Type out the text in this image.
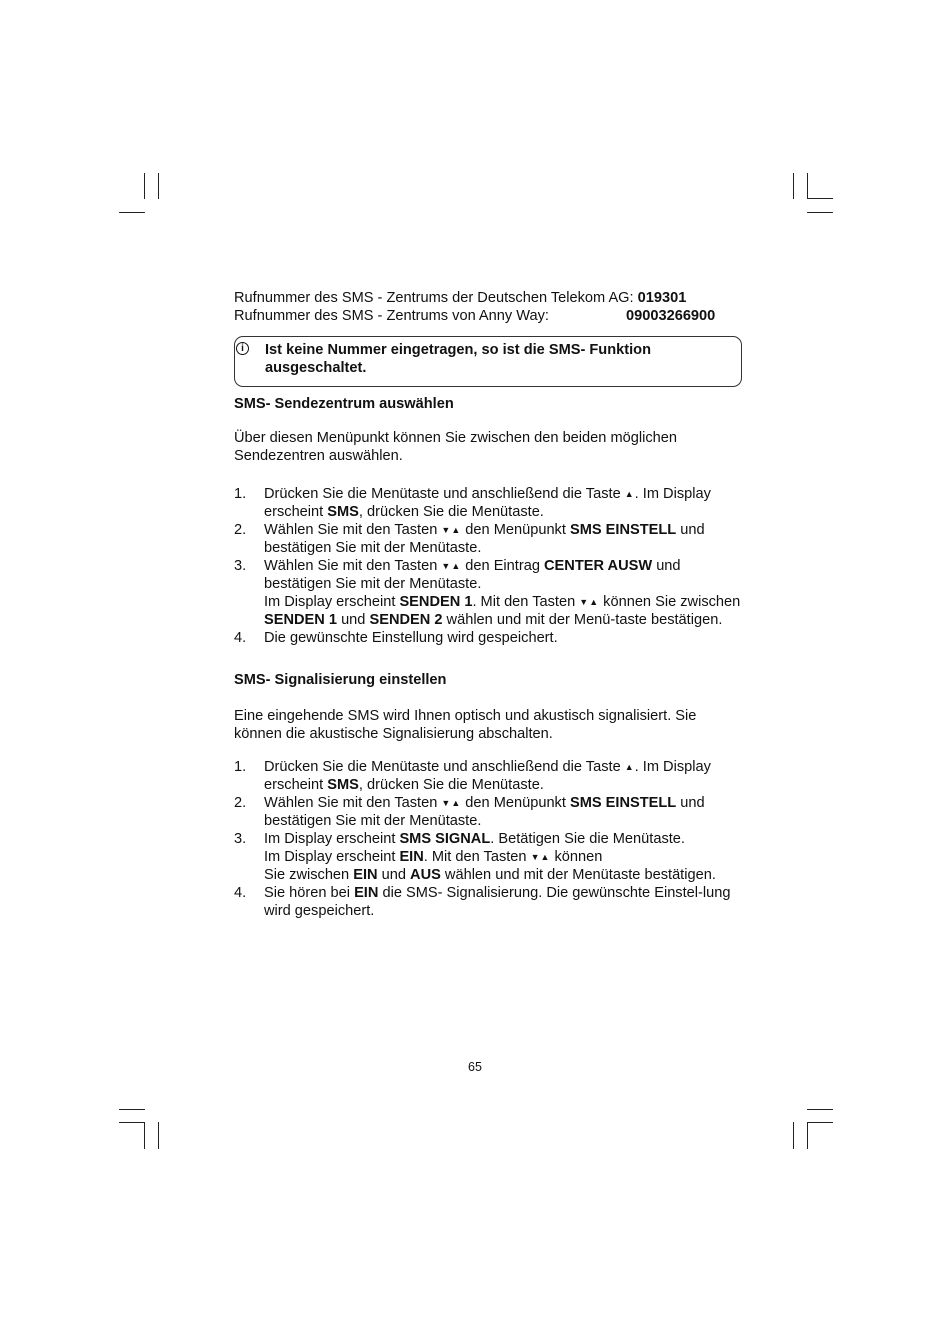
Rufnummer des SMS - Zentrums der Deutschen Telekom AG: 019301
Rufnummer des SMS - Zentrums von Anny Way:	09003266900
i	Ist keine Nummer eingetragen, so ist die SMS- Funktion ausgeschaltet.
SMS- Sendezentrum auswählen

Über diesen Menüpunkt können Sie zwischen den beiden möglichen Sendezentren auswählen.

1. Drücken Sie die Menütaste und anschließend die Taste ▲. Im Display erscheint SMS, drücken Sie die Menütaste.
2. Wählen Sie mit den Tasten ▼▲ den Menüpunkt SMS EINSTELL und bestätigen Sie mit der Menütaste.
3. Wählen Sie mit den Tasten ▼▲ den Eintrag CENTER AUSW und bestätigen Sie mit der Menütaste.
Im Display erscheint SENDEN 1. Mit den Tasten ▼▲ können Sie zwischen SENDEN 1 und SENDEN 2 wählen und mit der Menü-taste bestätigen.
4. Die gewünschte Einstellung wird gespeichert.
SMS- Signalisierung einstellen

Eine eingehende SMS wird Ihnen optisch und akustisch signalisiert. Sie können die akustische Signalisierung abschalten.

1. Drücken Sie die Menütaste und anschließend die Taste ▲. Im Display erscheint SMS, drücken Sie die Menütaste.
2. Wählen Sie mit den Tasten ▼▲ den Menüpunkt SMS EINSTELL und bestätigen Sie mit der Menütaste.
3. Im Display erscheint SMS SIGNAL. Betätigen Sie die Menütaste.
Im Display erscheint EIN. Mit den Tasten ▼▲ können
Sie zwischen EIN und AUS wählen und mit der Menütaste bestätigen.
4. Sie hören bei EIN die SMS- Signalisierung. Die gewünschte Einstel-lung wird gespeichert.
65
